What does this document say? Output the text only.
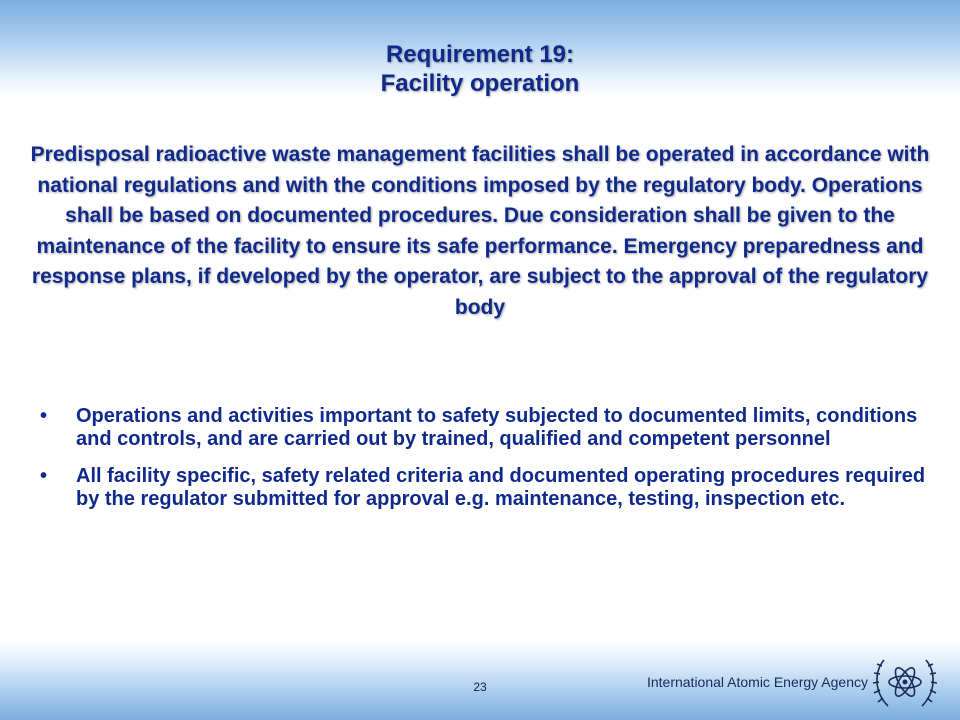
Requirement 19:
Facility operation
Predisposal radioactive waste management facilities shall be operated in accordance with national regulations and with the conditions imposed by the regulatory body. Operations shall be based on documented procedures. Due consideration shall be given to the maintenance of the facility to ensure its safe performance. Emergency preparedness and response plans, if developed by the operator, are subject to the approval of the regulatory body
• Operations and activities important to safety subjected to documented limits, conditions and controls, and are carried out by trained, qualified and competent personnel
• All facility specific, safety related criteria and documented operating procedures required by the regulator submitted for approval e.g. maintenance, testing, inspection etc.
23	International Atomic Energy Agency
